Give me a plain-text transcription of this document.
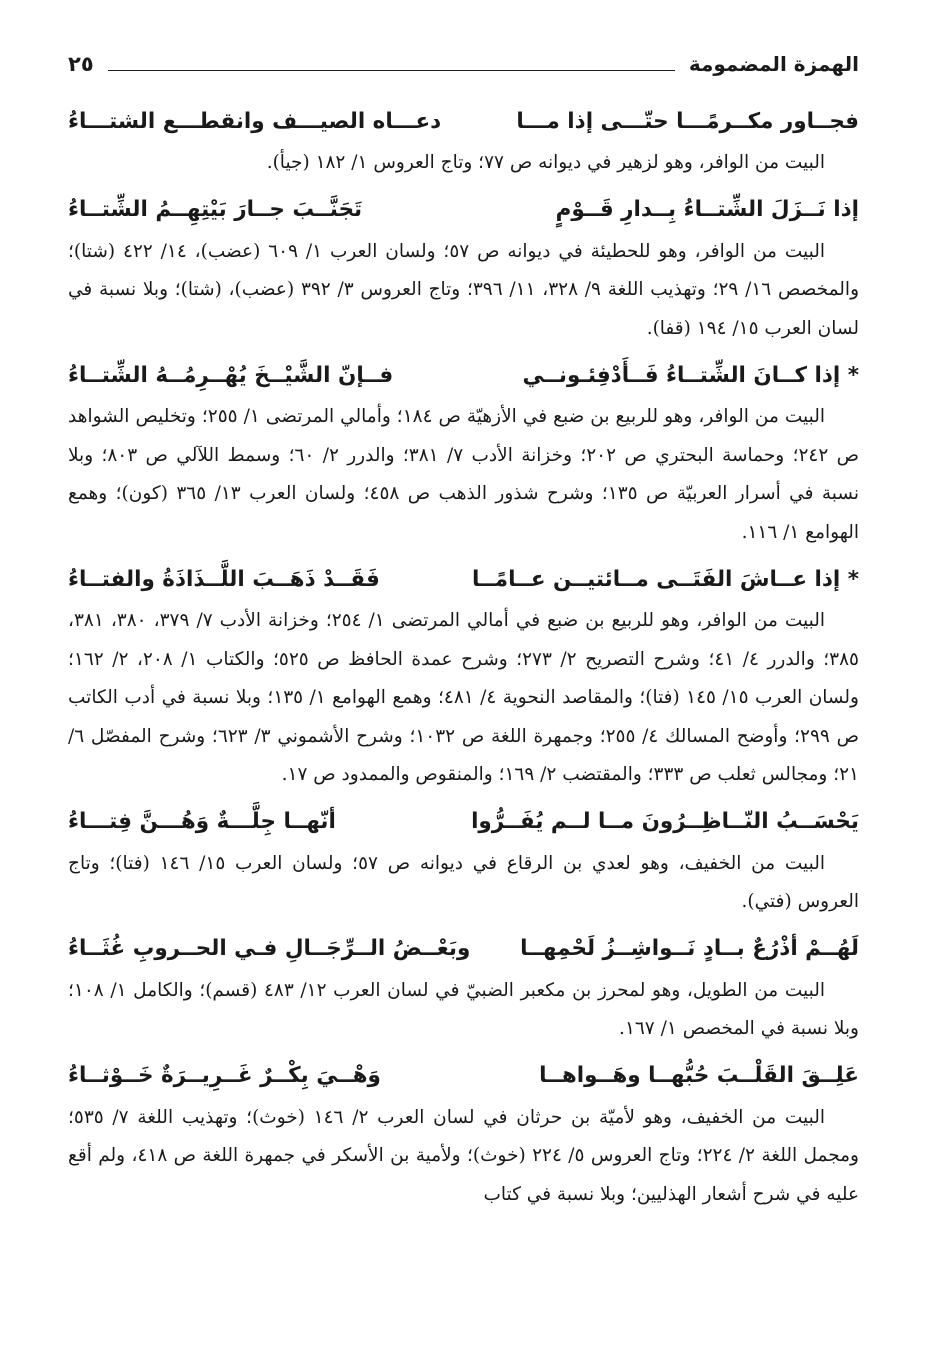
الهمزة المضمومة
٢٥
فجــاور مكــرمًـــا حتّـــى إذا مـــا
دعـــاه الصيـــف وانقطـــع الشتـــاءُ

البيت من الوافر، وهو لزهير في ديوانه ص ٧٧؛ وتاج العروس ١/ ١٨٢ (جيأ).

إذا نَــزَلَ الشِّتــاءُ بِــدارِ قَــوْمٍ
تَجَنَّــبَ جــارَ بَيْتِهِــمُ الشِّتــاءُ

البيت من الوافر، وهو للحطيئة في ديوانه ص ٥٧؛ ولسان العرب ١/ ٦٠٩ (عضب)، ١٤/ ٤٢٢ (شتا)؛ والمخصص ١٦/ ٢٩؛ وتهذيب اللغة ٩/ ٣٢٨، ١١/ ٣٩٦؛ وتاج العروس ٣/ ٣٩٢ (عضب)، (شتا)؛ وبلا نسبة في لسان العرب ١٥/ ١٩٤ (قفا).

* إذا كــانَ الشِّتــاءُ فَــأَدْفِئـونــي
فــإنّ الشَّيْــخَ يُهْــرِمُــهُ الشِّتــاءُ

البيت من الوافر، وهو للربيع بن ضبع في الأزهيّة ص ١٨٤؛ وأمالي المرتضى ١/ ٢٥٥؛ وتخليص الشواهد ص ٢٤٢؛ وحماسة البحتري ص ٢٠٢؛ وخزانة الأدب ٧/ ٣٨١؛ والدرر ٢/ ٦٠؛ وسمط اللآلي ص ٨٠٣؛ وبلا نسبة في أسرار العربيّة ص ١٣٥؛ وشرح شذور الذهب ص ٤٥٨؛ ولسان العرب ١٣/ ٣٦٥ (كون)؛ وهمع الهوامع ١/ ١١٦.

* إذا عــاشَ الفَتَــى مــائتيــن عــامًــا
فَقَــدْ ذَهَــبَ اللَّــذَاذَةُ والفتــاءُ

البيت من الوافر، وهو للربيع بن ضبع في أمالي المرتضى ١/ ٢٥٤؛ وخزانة الأدب ٧/ ٣٧٩، ٣٨٠، ٣٨١، ٣٨٥؛ والدرر ٤/ ٤١؛ وشرح التصريح ٢/ ٢٧٣؛ وشرح عمدة الحافظ ص ٥٢٥؛ والكتاب ١/ ٢٠٨، ٢/ ١٦٢؛ ولسان العرب ١٥/ ١٤٥ (فتا)؛ والمقاصد النحوية ٤/ ٤٨١؛ وهمع الهوامع ١/ ١٣٥؛ وبلا نسبة في أدب الكاتب ص ٢٩٩؛ وأوضح المسالك ٤/ ٢٥٥؛ وجمهرة اللغة ص ١٠٣٢؛ وشرح الأشموني ٣/ ٦٢٣؛ وشرح المفصّل ٦/ ٢١؛ ومجالس ثعلب ص ٣٣٣؛ والمقتضب ٢/ ١٦٩؛ والمنقوص والممدود ص ١٧.

يَحْسَــبُ النّــاظِــرُونَ مــا لــم يُفَــرُّوا
أنّهــا جِلَّـــةٌ وَهُـــنَّ فِتـــاءُ

البيت من الخفيف، وهو لعدي بن الرقاع في ديوانه ص ٥٧؛ ولسان العرب ١٥/ ١٤٦ (فتا)؛ وتاج العروس (فتي).

لَهُــمْ أذْرُعٌ بــادٍ نَــواشِــزُ لَحْمِهــا
وبَعْــضُ الــرِّجَــالِ فـي الحــروبِ غُثَــاءُ

البيت من الطويل، وهو لمحرز بن مكعبر الضبيّ في لسان العرب ١٢/ ٤٨٣ (قسم)؛ والكامل ١/ ١٠٨؛ وبلا نسبة في المخصص ١/ ١٦٧.

عَلِــقَ القَلْــبَ حُبُّهــا وهَــواهــا
وَهْــيَ بِكْــرٌ غَــرِيــرَةٌ خَــوْثــاءُ

البيت من الخفيف، وهو لأميّة بن حرثان في لسان العرب ٢/ ١٤٦ (خوث)؛ وتهذيب اللغة ٧/ ٥٣٥؛ ومجمل اللغة ٢/ ٢٢٤؛ وتاج العروس ٥/ ٢٢٤ (خوث)؛ ولأمية بن الأسكر في جمهرة اللغة ص ٤١٨، ولم أقع عليه في شرح أشعار الهذليين؛ وبلا نسبة في كتاب
